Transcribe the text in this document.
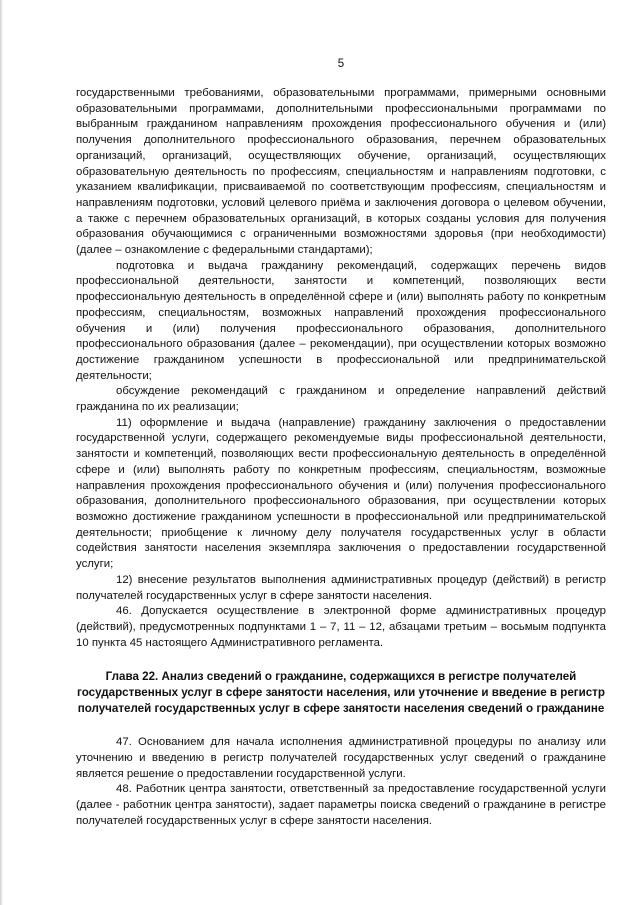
5

государственными требованиями, образовательными программами, примерными основными образовательными программами, дополнительными профессиональными программами по выбранным гражданином направлениям прохождения профессионального обучения и (или) получения дополнительного профессионального образования, перечнем образовательных организаций, организаций, осуществляющих обучение, организаций, осуществляющих образовательную деятельность по профессиям, специальностям и направлениям подготовки, с указанием квалификации, присваиваемой по соответствующим профессиям, специальностям и направлениям подготовки, условий целевого приёма и заключения договора о целевом обучении, а также с перечнем образовательных организаций, в которых созданы условия для получения образования обучающимися с ограниченными возможностями здоровья (при необходимости) (далее – ознакомление с федеральными стандартами);

подготовка и выдача гражданину рекомендаций, содержащих перечень видов профессиональной деятельности, занятости и компетенций, позволяющих вести профессиональную деятельность в определённой сфере и (или) выполнять работу по конкретным профессиям, специальностям, возможных направлений прохождения профессионального обучения и (или) получения профессионального образования, дополнительного профессионального образования (далее – рекомендации), при осуществлении которых возможно достижение гражданином успешности в профессиональной или предпринимательской деятельности;

обсуждение рекомендаций с гражданином и определение направлений действий гражданина по их реализации;

11) оформление и выдача (направление) гражданину заключения о предоставлении государственной услуги, содержащего рекомендуемые виды профессиональной деятельности, занятости и компетенций, позволяющих вести профессиональную деятельность в определённой сфере и (или) выполнять работу по конкретным профессиям, специальностям, возможные направления прохождения профессионального обучения и (или) получения профессионального образования, дополнительного профессионального образования, при осуществлении которых возможно достижение гражданином успешности в профессиональной или предпринимательской деятельности; приобщение к личному делу получателя государственных услуг в области содействия занятости населения экземпляра заключения о предоставлении государственной услуги;

12) внесение результатов выполнения административных процедур (действий) в регистр получателей государственных услуг в сфере занятости населения.

46. Допускается осуществление в электронной форме административных процедур (действий), предусмотренных подпунктами 1 – 7, 11 – 12, абзацами третьим – восьмым подпункта 10 пункта 45 настоящего Административного регламента.

Глава 22. Анализ сведений о гражданине, содержащихся в регистре получателей государственных услуг в сфере занятости населения, или уточнение и введение в регистр получателей государственных услуг в сфере занятости населения сведений о гражданине

47. Основанием для начала исполнения административной процедуры по анализу или уточнению и введению в регистр получателей государственных услуг сведений о гражданине является решение о предоставлении государственной услуги.

48. Работник центра занятости, ответственный за предоставление государственной услуги (далее - работник центра занятости), задает параметры поиска сведений о гражданине в регистре получателей государственных услуг в сфере занятости населения.
